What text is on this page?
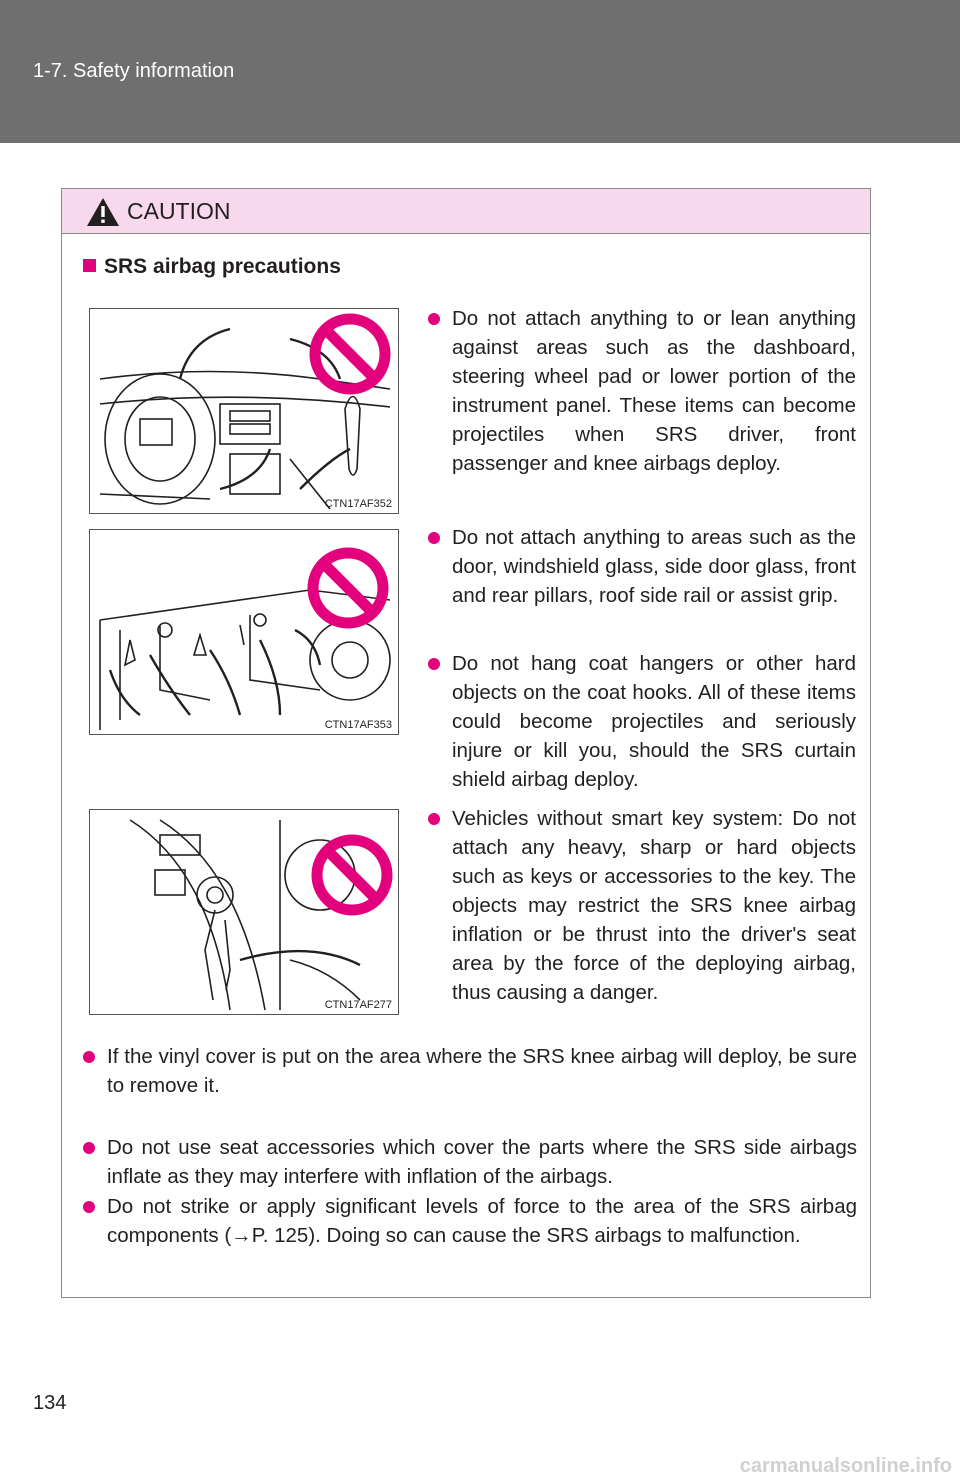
1-7. Safety information
CAUTION
SRS airbag precautions
CTN17AF352
CTN17AF353
CTN17AF277
Do not attach anything to or lean anything against areas such as the dashboard, steering wheel pad or lower portion of the instrument panel. These items can become projectiles when SRS driver, front passenger and knee airbags deploy.
Do not attach anything to areas such as the door, windshield glass, side door glass, front and rear pillars, roof side rail or assist grip.
Do not hang coat hangers or other hard objects on the coat hooks. All of these items could become projectiles and seriously injure or kill you, should the SRS curtain shield airbag deploy.
Vehicles without smart key system: Do not attach any heavy, sharp or hard objects such as keys or accessories to the key. The objects may restrict the SRS knee airbag inflation or be thrust into the driver's seat area by the force of the deploying airbag, thus causing a danger.
If the vinyl cover is put on the area where the SRS knee airbag will deploy, be sure to remove it.
Do not use seat accessories which cover the parts where the SRS side airbags inflate as they may interfere with inflation of the airbags.
Do not strike or apply significant levels of force to the area of the SRS airbag components (→P. 125). Doing so can cause the SRS airbags to malfunction.
134
carmanualsonline.info
